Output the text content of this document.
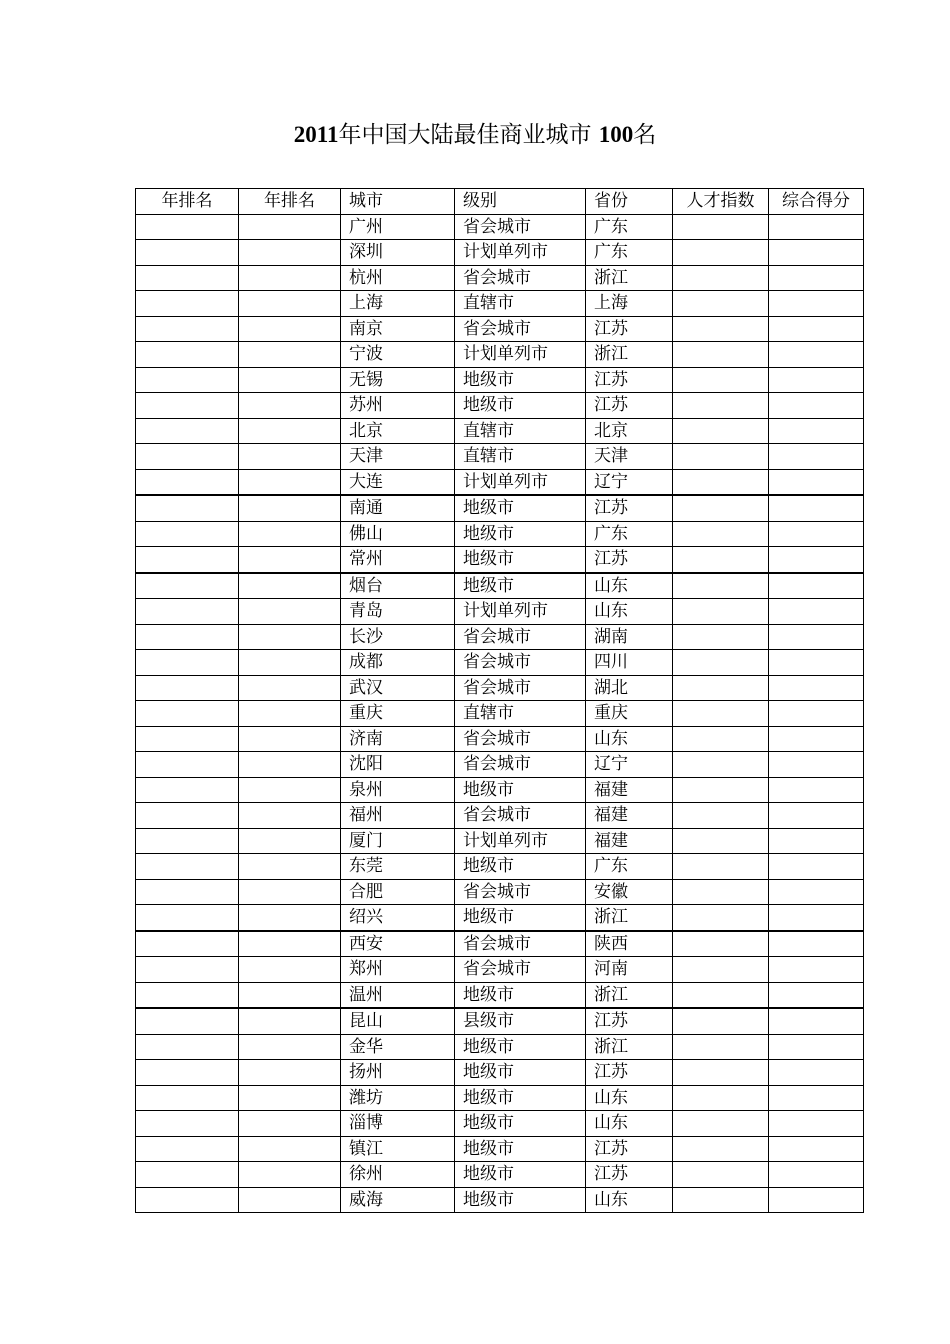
2011年中国大陆最佳商业城市 100名
年排名	年排名	城市	级别	省份	人才指数	综合得分
		广州	省会城市	广东		
		深圳	计划单列市	广东		
		杭州	省会城市	浙江		
		上海	直辖市	上海		
		南京	省会城市	江苏		
		宁波	计划单列市	浙江		
		无锡	地级市	江苏		
		苏州	地级市	江苏		
		北京	直辖市	北京		
		天津	直辖市	天津		
		大连	计划单列市	辽宁		
		南通	地级市	江苏		
		佛山	地级市	广东		
		常州	地级市	江苏		
		烟台	地级市	山东		
		青岛	计划单列市	山东		
		长沙	省会城市	湖南		
		成都	省会城市	四川		
		武汉	省会城市	湖北		
		重庆	直辖市	重庆		
		济南	省会城市	山东		
		沈阳	省会城市	辽宁		
		泉州	地级市	福建		
		福州	省会城市	福建		
		厦门	计划单列市	福建		
		东莞	地级市	广东		
		合肥	省会城市	安徽		
		绍兴	地级市	浙江		
		西安	省会城市	陕西		
		郑州	省会城市	河南		
		温州	地级市	浙江		
		昆山	县级市	江苏		
		金华	地级市	浙江		
		扬州	地级市	江苏		
		潍坊	地级市	山东		
		淄博	地级市	山东		
		镇江	地级市	江苏		
		徐州	地级市	江苏		
		威海	地级市	山东		
